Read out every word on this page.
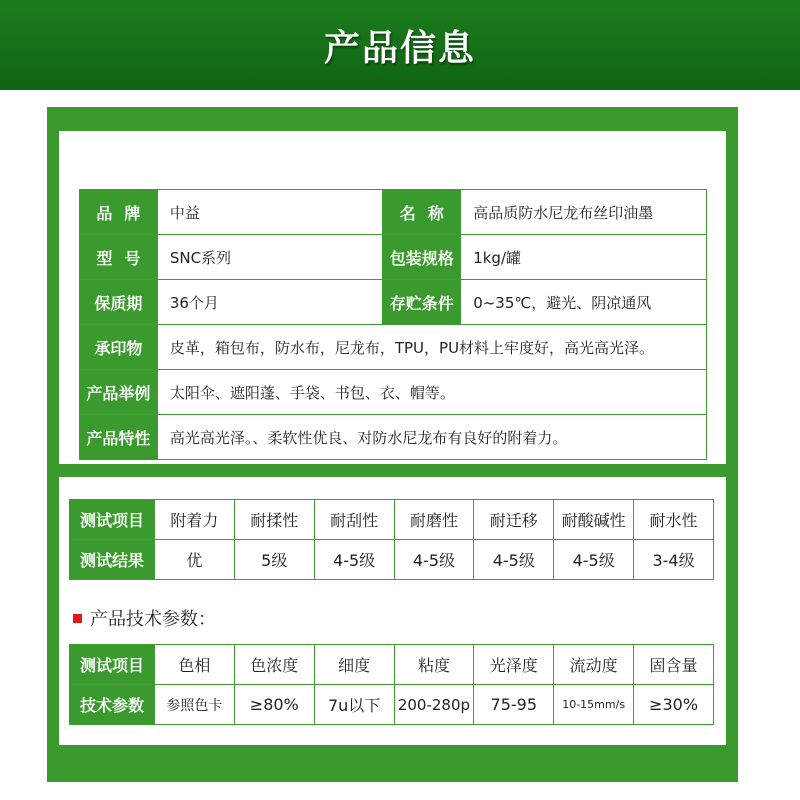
产品信息
品牌	中益	名称	高品质防水尼龙布丝印油墨
型号	SNC系列	包装规格	1kg/罐
保质期	36个月	存贮条件	0~35℃，避光、阴凉通风
承印物	皮革，箱包布，防水布，尼龙布，TPU，PU材料上牢度好，高光高光泽。		
产品举例	太阳伞、遮阳蓬、手袋、书包、衣、帽等。		
产品特性	高光高光泽。、柔软性优良、对防水尼龙布有良好的附着力。		
测试项目	附着力	耐揉性	耐刮性	耐磨性	耐迁移	耐酸碱性	耐水性
测试结果	优	5级	4-5级	4-5级	4-5级	4-5级	3-4级
产品技术参数：
测试项目	色相	色浓度	细度	粘度	光泽度	流动度	固含量
技术参数	参照色卡	≥80%	7u以下	200-280p	75-95	10-15mm/s	≥30%
